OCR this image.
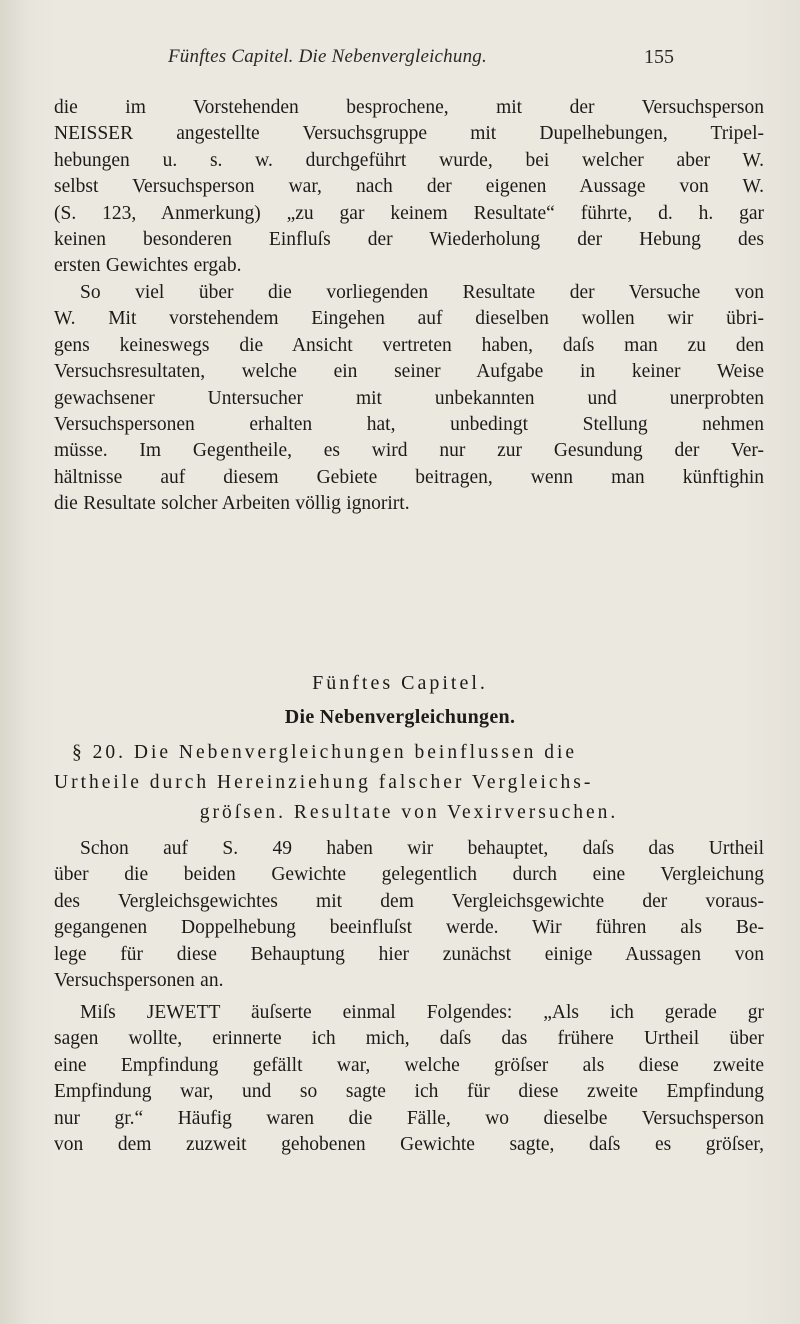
Fünftes Capitel. Die Nebenvergleichung.	155

die im Vorstehenden besprochene, mit der Versuchsperson
NEISSER angestellte Versuchsgruppe mit Dupelhebungen, Tripel-
hebungen u. s. w. durchgeführt wurde, bei welcher aber W.
selbst Versuchsperson war, nach der eigenen Aussage von W.
(S. 123, Anmerkung) „zu gar keinem Resultate“ führte, d. h. gar
keinen besonderen Einfluſs der Wiederholung der Hebung des
ersten Gewichtes ergab.

So viel über die vorliegenden Resultate der Versuche von
W. Mit vorstehendem Eingehen auf dieselben wollen wir übri-
gens keineswegs die Ansicht vertreten haben, daſs man zu den
Versuchsresultaten, welche ein seiner Aufgabe in keiner Weise
gewachsener Untersucher mit unbekannten und unerprobten
Versuchspersonen erhalten hat, unbedingt Stellung nehmen
müsse. Im Gegentheile, es wird nur zur Gesundung der Ver-
hältnisse auf diesem Gebiete beitragen, wenn man künftighin
die Resultate solcher Arbeiten völlig ignorirt.

Fünftes Capitel.
Die Nebenvergleichungen.
§ 20. Die Nebenvergleichungen beinflussen die
Urtheile durch Hereinziehung falscher Vergleichs-
gröſsen. Resultate von Vexirversuchen.

Schon auf S. 49 haben wir behauptet, daſs das Urtheil
über die beiden Gewichte gelegentlich durch eine Vergleichung
des Vergleichsgewichtes mit dem Vergleichsgewichte der voraus-
gegangenen Doppelhebung beeinfluſst werde. Wir führen als Be-
lege für diese Behauptung hier zunächst einige Aussagen von
Versuchspersonen an.

Miſs JEWETT äuſserte einmal Folgendes: „Als ich gerade gr
sagen wollte, erinnerte ich mich, daſs das frühere Urtheil über
eine Empfindung gefällt war, welche gröſser als diese zweite
Empfindung war, und so sagte ich für diese zweite Empfindung
nur gr.“ Häufig waren die Fälle, wo dieselbe Versuchsperson
von dem zuzweit gehobenen Gewichte sagte, daſs es gröſser,
